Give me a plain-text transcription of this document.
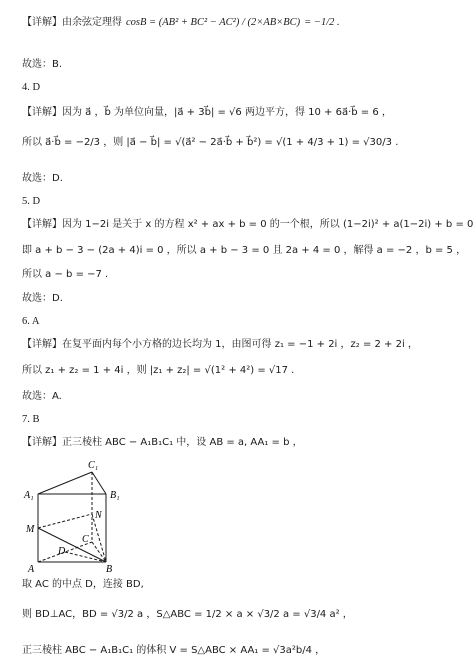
【详解】 由余弦定理得 cosB = (AB² + BC² − AC²) / (2×AB×BC) = −1/2 .
故选：B.
4. D
【详解】因为 a⃗ ，b⃗ 为单位向量，|a⃗ + 3b⃗| = √6 两边平方，得 10 + 6a⃗·b⃗ = 6 ，
所以 a⃗·b⃗ = −2/3 ，则 |a⃗ − b⃗| = √(a⃗² − 2a⃗·b⃗ + b⃗²) = √(1 + 4/3 + 1) = √30/3 .
故选：D.
5. D
【详解】因为 1−2i 是关于 x 的方程 x² + ax + b = 0 的一个根，所以 (1−2i)² + a(1−2i) + b = 0
即 a + b − 3 − (2a + 4)i = 0 ，所以 a + b − 3 = 0 且 2a + 4 = 0 ，解得 a = −2 ，b = 5 ，
所以 a − b = −7 .
故选：D.
6. A
【详解】在复平面内每个小方格的边长均为 1，由图可得 z₁ = −1 + 2i ，z₂ = 2 + 2i ，
所以 z₁ + z₂ = 1 + 4i ，则 |z₁ + z₂| = √(1² + 4²) = √17 .
故选：A.
7. B
【详解】正三棱柱 ABC − A₁B₁C₁ 中，设 AB = a, AA₁ = b ，
C₁
A₁	B₁
N
M
C
D
A	B
取 AC 的中点 D，连接 BD,
则 BD⊥AC，BD = √3/2 a ，S△ABC = 1/2 × a × √3/2 a = √3/4 a² ，
正三棱柱 ABC − A₁B₁C₁ 的体积 V = S△ABC × AA₁ = √3a²b/4 ，
